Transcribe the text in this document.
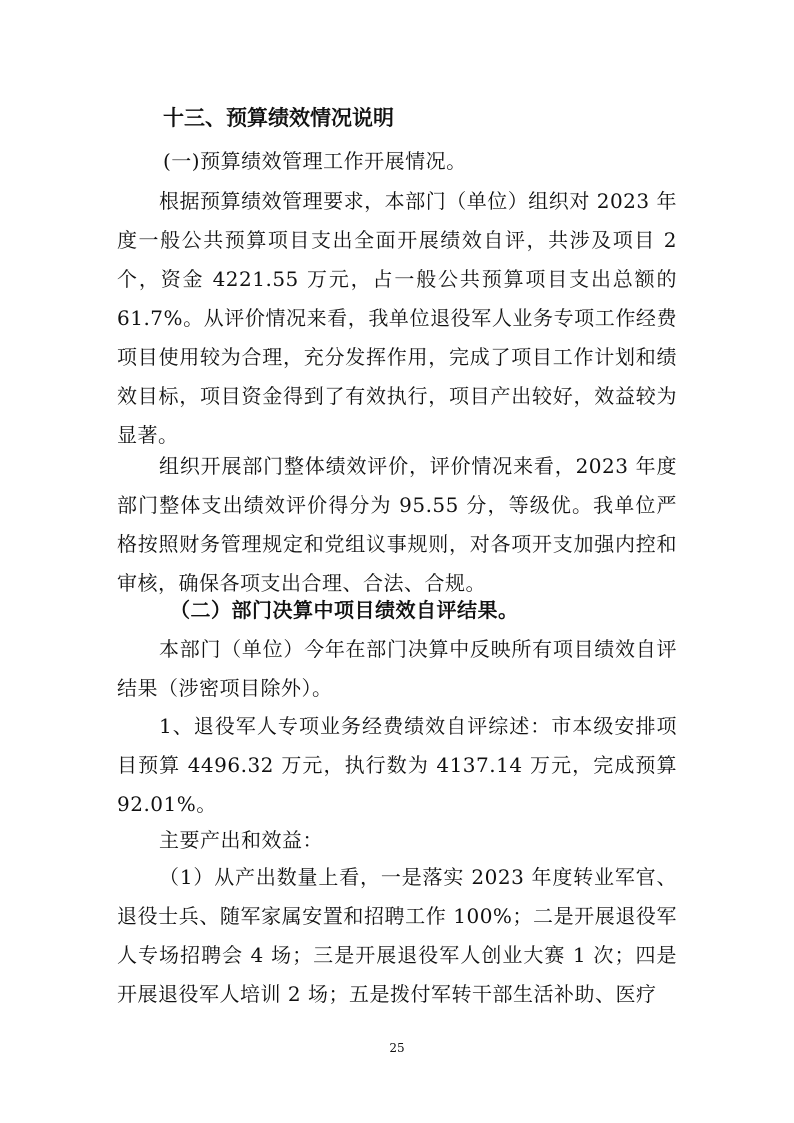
十三、预算绩效情况说明
(一)预算绩效管理工作开展情况。
根据预算绩效管理要求，本部门（单位）组织对 2023 年度一般公共预算项目支出全面开展绩效自评，共涉及项目 2 个，资金 4221.55 万元，占一般公共预算项目支出总额的 61.7%。从评价情况来看，我单位退役军人业务专项工作经费项目使用较为合理，充分发挥作用，完成了项目工作计划和绩效目标，项目资金得到了有效执行，项目产出较好，效益较为显著。
组织开展部门整体绩效评价，评价情况来看，2023 年度部门整体支出绩效评价得分为 95.55 分，等级优。我单位严格按照财务管理规定和党组议事规则，对各项开支加强内控和审核，确保各项支出合理、合法、合规。
（二）部门决算中项目绩效自评结果。
本部门（单位）今年在部门决算中反映所有项目绩效自评结果（涉密项目除外）。
1、退役军人专项业务经费绩效自评综述：市本级安排项目预算 4496.32 万元，执行数为 4137.14 万元，完成预算 92.01%。
主要产出和效益：
（1）从产出数量上看，一是落实 2023 年度转业军官、退役士兵、随军家属安置和招聘工作 100%；二是开展退役军人专场招聘会 4 场；三是开展退役军人创业大赛 1 次；四是开展退役军人培训 2 场；五是拨付军转干部生活补助、医疗
25
